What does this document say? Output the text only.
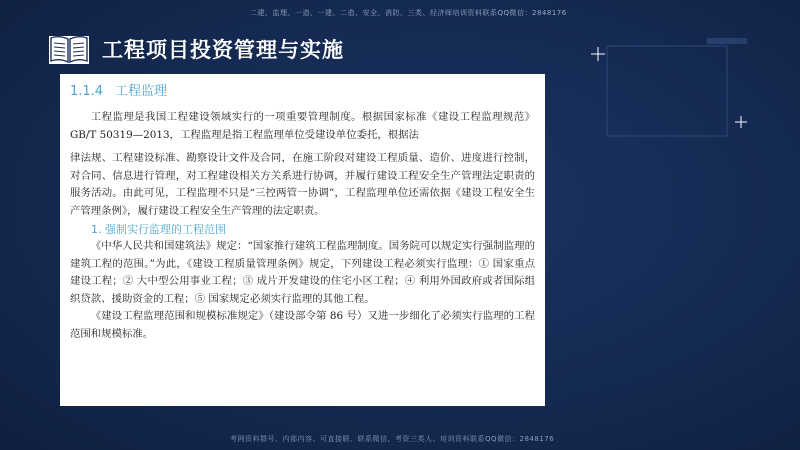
二建、监理、一造、一建、二造、安全、消防、三类、经济师培训资料联系QQ微信：2848176
工程项目投资管理与实施
1.1.4 工程监理

工程监理是我国工程建设领域实行的一项重要管理制度。根据国家标准《建设工程监理规范》GB/T 50319—2013，工程监理是指工程监理单位受建设单位委托，根据法

律法规、工程建设标准、勘察设计文件及合同，在施工阶段对建设工程质量、造价、进度进行控制，对合同、信息进行管理，对工程建设相关方关系进行协调，并履行建设工程安全生产管理法定职责的服务活动。由此可见，工程监理不只是“三控两管一协调”，工程监理单位还需依据《建设工程安全生产管理条例》，履行建设工程安全生产管理的法定职责。

1. 强制实行监理的工程范围

《中华人民共和国建筑法》规定：“国家推行建筑工程监理制度。国务院可以规定实行强制监理的建筑工程的范围。”为此，《建设工程质量管理条例》规定，下列建设工程必须实行监理：① 国家重点建设工程；② 大中型公用事业工程；③ 成片开发建设的住宅小区工程；④ 利用外国政府或者国际组织贷款、援助资金的工程；⑤ 国家规定必须实行监理的其他工程。

《建设工程监理范围和规模标准规定》（建设部令第 86 号）又进一步细化了必须实行监理的工程范围和规模标准。

考网资料群号、内部内容、可直接联、联系微信、考资三类人、培训资料联系QQ微信：2848176
